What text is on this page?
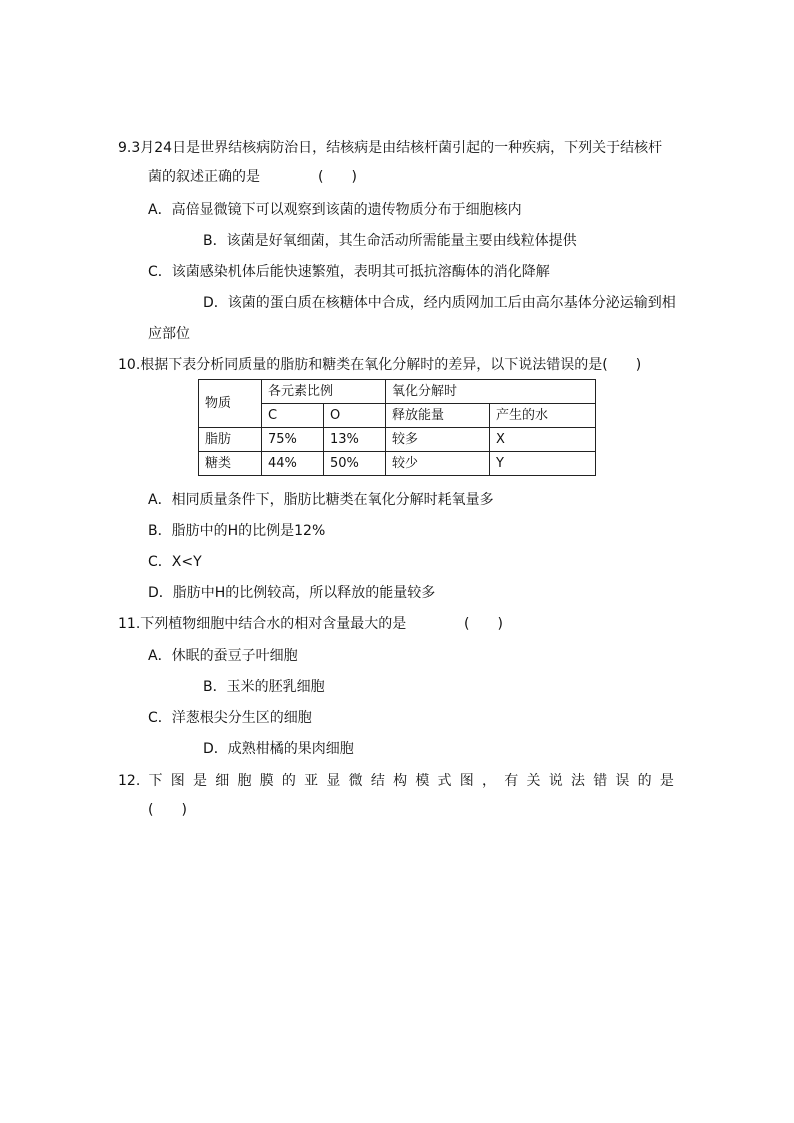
9.3月24日是世界结核病防治日，结核病是由结核杆菌引起的一种疾病，下列关于结核杆
菌的叙述正确的是	(　　)
A．高倍显微镜下可以观察到该菌的遗传物质分布于细胞核内
B．该菌是好氧细菌，其生命活动所需能量主要由线粒体提供
C．该菌感染机体后能快速繁殖，表明其可抵抗溶酶体的消化降解
D．该菌的蛋白质在核糖体中合成，经内质网加工后由高尔基体分泌运输到相
应部位
10.根据下表分析同质量的脂肪和糖类在氧化分解时的差异，以下说法错误的是(　　)
物质	各元素比例		氧化分解时	
	C	O	释放能量	产生的水
脂肪	75%	13%	较多	X
糖类	44%	50%	较少	Y
A．相同质量条件下，脂肪比糖类在氧化分解时耗氧量多
B．脂肪中的H的比例是12%
C．X<Y
D．脂肪中H的比例较高，所以释放的能量较多
11.下列植物细胞中结合水的相对含量最大的是	(　　)
A．休眠的蚕豆子叶细胞
B．玉米的胚乳细胞
C．洋葱根尖分生区的细胞
D．成熟柑橘的果肉细胞
12. 下 图 是 细 胞 膜 的 亚 显 微 结 构 模 式 图 ， 有 关 说 法 错 误 的 是
(　　)
